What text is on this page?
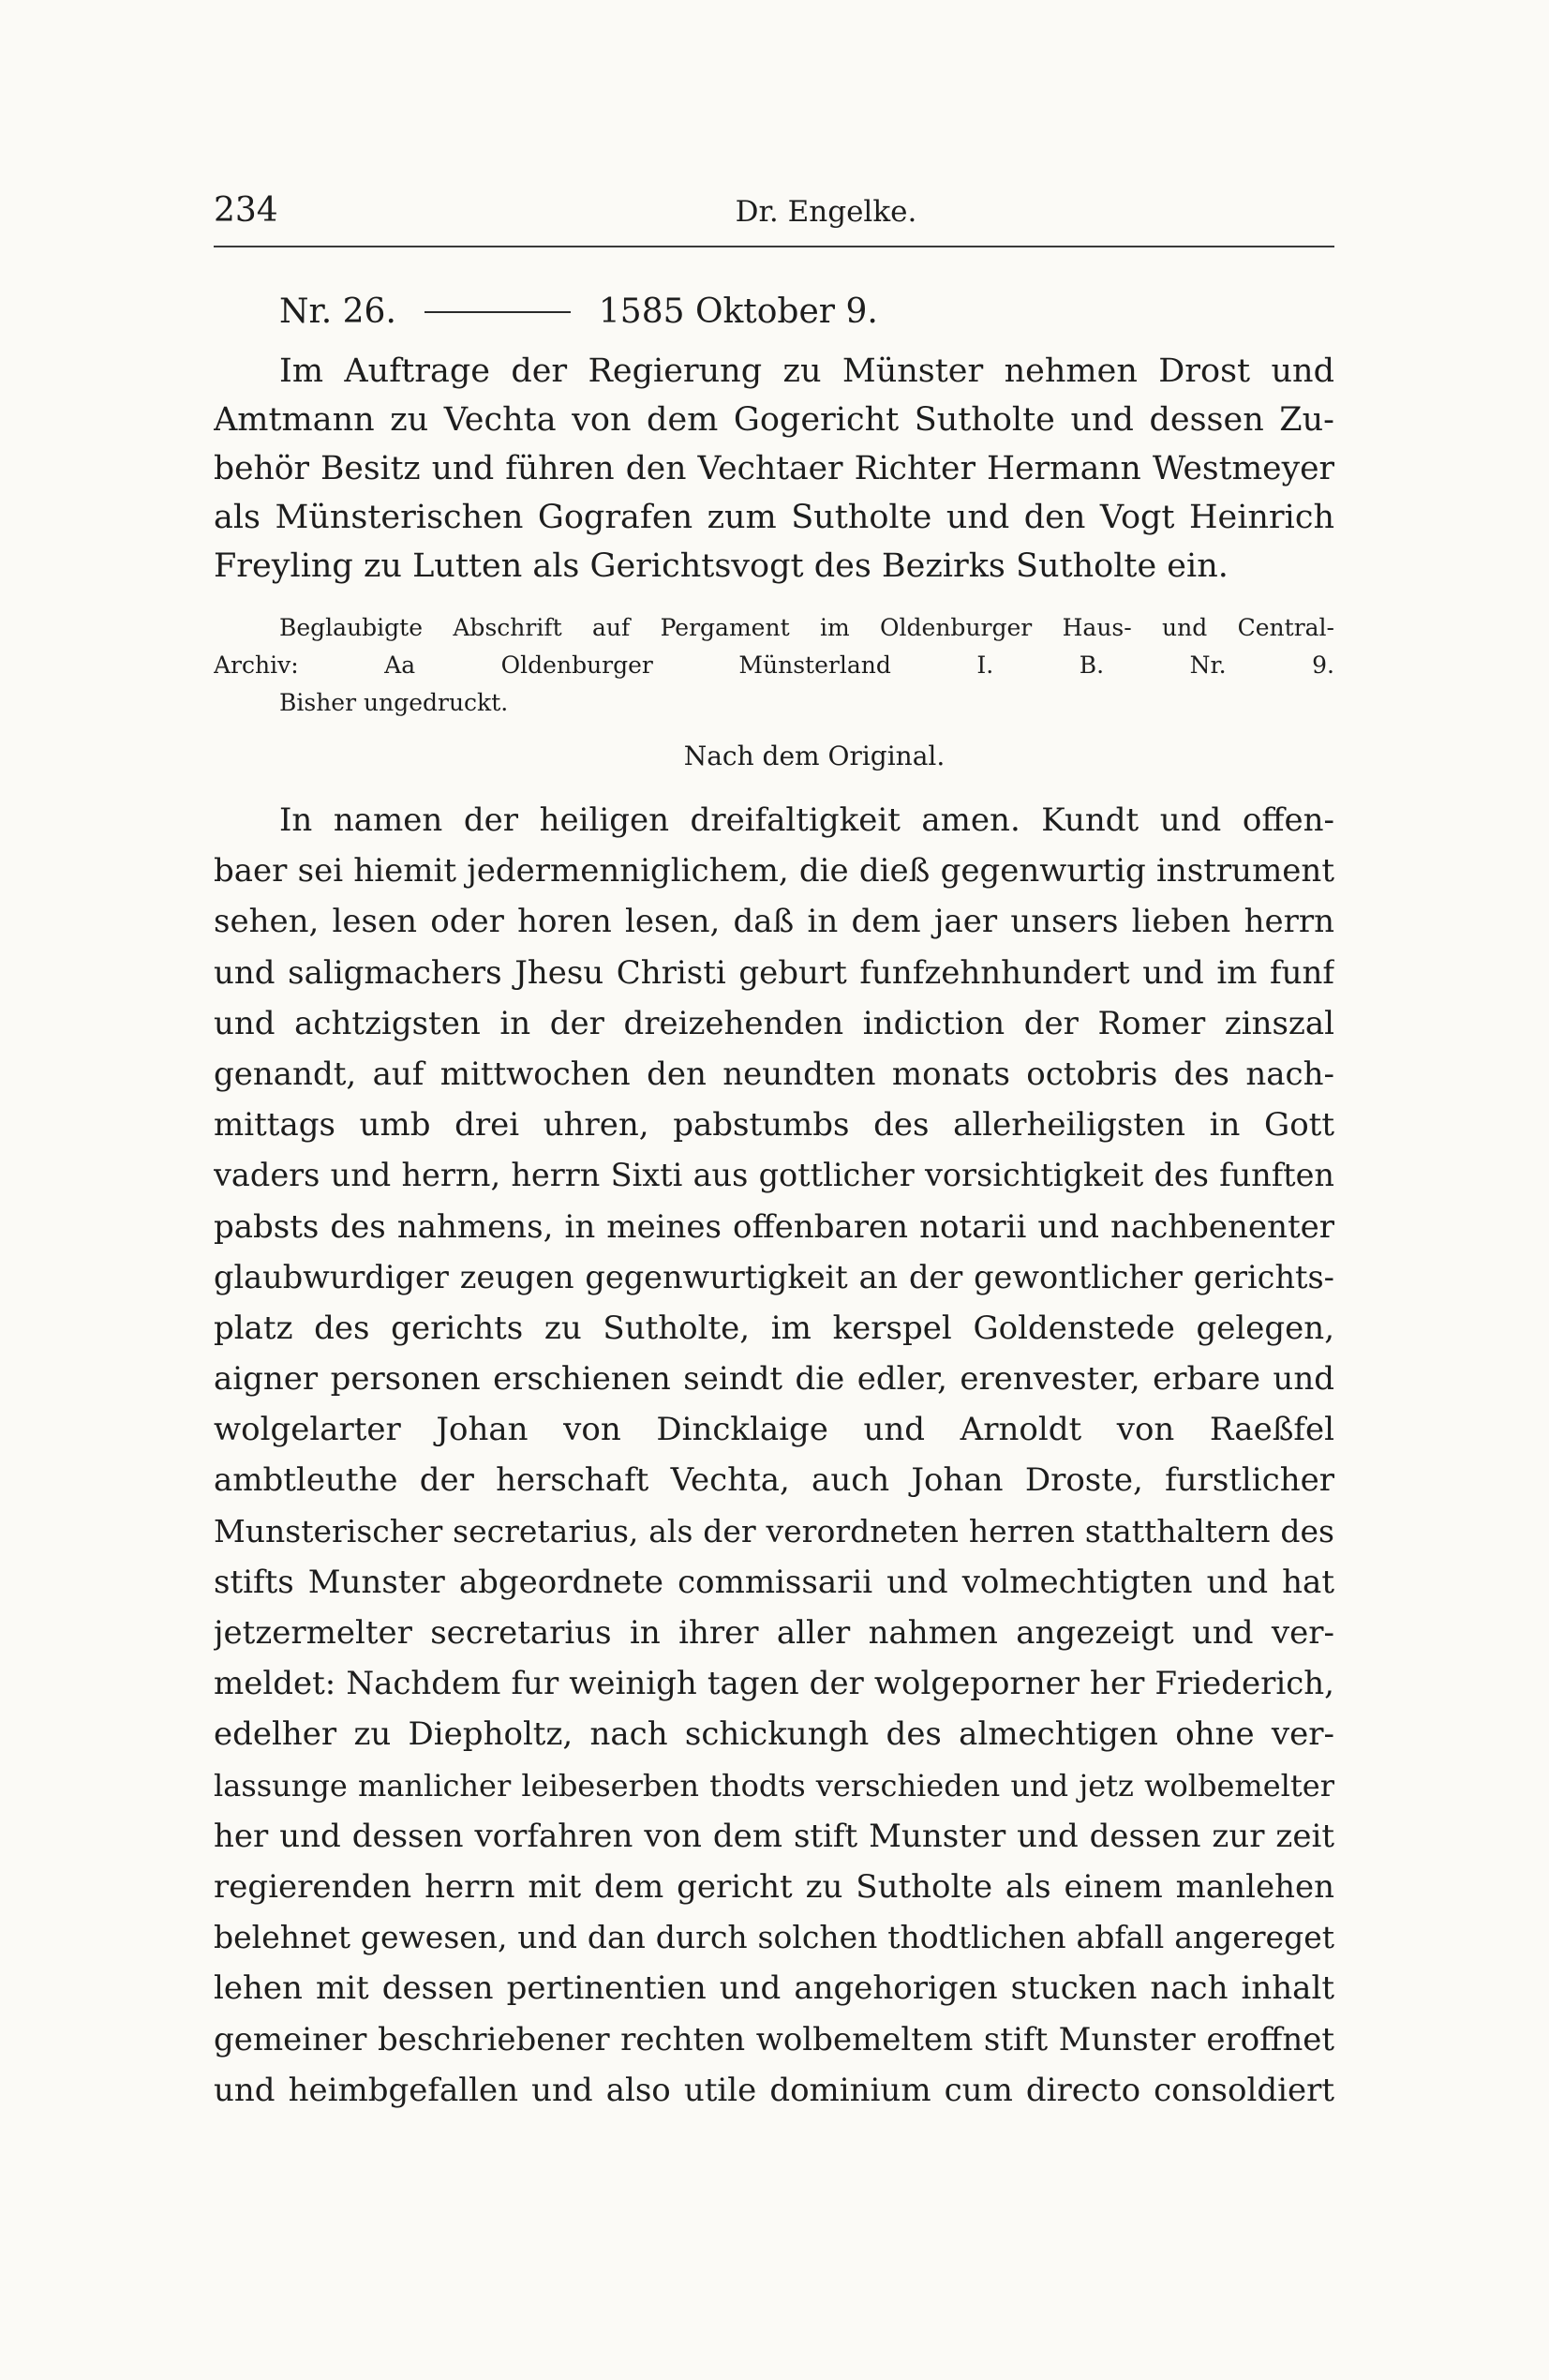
234	Dr. Engelke.
Nr. 26.	1585 Oktober 9.
Im Auftrage der Regierung zu Münster nehmen Drost und
Amtmann zu Vechta von dem Gogericht Sutholte und dessen Zu-
behör Besitz und führen den Vechtaer Richter Hermann Westmeyer
als Münsterischen Gografen zum Sutholte und den Vogt Heinrich
Freyling zu Lutten als Gerichtsvogt des Bezirks Sutholte ein.
Beglaubigte Abschrift auf Pergament im Oldenburger Haus- und Central-
Archiv: Aa Oldenburger Münsterland I. B. Nr. 9.
Bisher ungedruckt.
Nach dem Original.
In namen der heiligen dreifaltigkeit amen. Kundt und offen-
baer sei hiemit jedermenniglichem, die dieß gegenwurtig instrument
sehen, lesen oder horen lesen, daß in dem jaer unsers lieben herrn
und saligmachers Jhesu Christi geburt funfzehnhundert und im funf
und achtzigsten in der dreizehenden indiction der Romer zinszal
genandt, auf mittwochen den neundten monats octobris des nach-
mittags umb drei uhren, pabstumbs des allerheiligsten in Gott
vaders und herrn, herrn Sixti aus gottlicher vorsichtigkeit des funften
pabsts des nahmens, in meines offenbaren notarii und nachbenenter
glaubwurdiger zeugen gegenwurtigkeit an der gewontlicher gerichts-
platz des gerichts zu Sutholte, im kerspel Goldenstede gelegen,
aigner personen erschienen seindt die edler, erenvester, erbare und
wolgelarter Johan von Dincklaige und Arnoldt von Raeßfel
ambtleuthe der herschaft Vechta, auch Johan Droste, furstlicher
Munsterischer secretarius, als der verordneten herren statthaltern des
stifts Munster abgeordnete commissarii und volmechtigten und hat
jetzermelter secretarius in ihrer aller nahmen angezeigt und ver-
meldet: Nachdem fur weinigh tagen der wolgeporner her Friederich,
edelher zu Diepholtz, nach schickungh des almechtigen ohne ver-
lassunge manlicher leibeserben thodts verschieden und jetz wolbemelter
her und dessen vorfahren von dem stift Munster und dessen zur zeit
regierenden herrn mit dem gericht zu Sutholte als einem manlehen
belehnet gewesen, und dan durch solchen thodtlichen abfall angereget
lehen mit dessen pertinentien und angehorigen stucken nach inhalt
gemeiner beschriebener rechten wolbemeltem stift Munster eroffnet
und heimbgefallen und also utile dominium cum directo consoldiert
